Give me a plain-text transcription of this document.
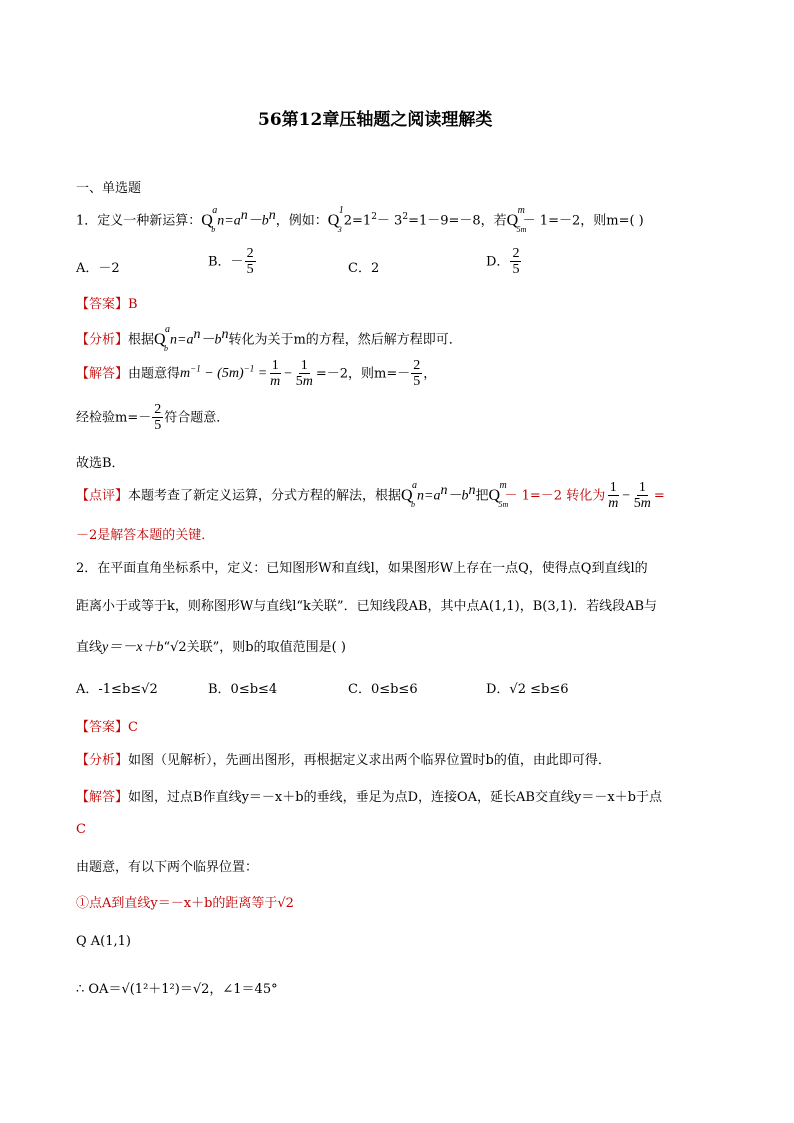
56第12章压轴题之阅读理解类
一、单选题
1．定义一种新运算： Q
a
b
$n=a^n-b^n$，例如： Q
1
3
$2=1^2- 3^2=1-9=-8$，若 Q
m
5m
－ 1=－2，则m=( )
A．－2	B．－ $\frac{2}{5}$	C．2	D． $\frac{2}{5}$
【答案】B
【分析】根据 Q
a
b
$n=a^n-b^n$转化为关于m的方程，然后解方程即可．
【解答】由题意得$m^{-1} - (5m)^{-1} = \frac{1}{m} - \frac{1}{5m} =-2$，则$m=- \frac{2}{5}$ ，
经检验$m=- \frac{2}{5}$ 符合题意．
故选B．
【点评】本题考查了新定义运算，分式方程的解法，根据 Q
a
b
$n=a^n-b^n$把 Q
m
5m
－ 1=－2 转化为 $\frac{1}{m} - \frac{1}{5m}$ =
－2是解答本题的关键．
2．在平面直角坐标系中，定义：已知图形W和直线l，如果图形W上存在一点Q，使得点Q到直线l的
距离小于或等于k，则称图形W与直线l“k关联”．已知线段AB，其中点A(1,1)，B(3,1)．若线段AB与
直线y＝－x＋b“√2关联”，则b的取值范围是( )
A．-1≤b≤√2	B．0≤b≤4	C．0≤b≤6	D．√2 ≤b≤6
【答案】C
【分析】如图（见解析），先画出图形，再根据定义求出两个临界位置时b的值，由此即可得．
【解答】如图，过点B作直线y＝－x＋b的垂线，垂足为点D，连接OA，延长AB交直线y＝－x＋b于点
C
由题意，有以下两个临界位置：
①点A到直线y＝－x＋b的距离等于√2
Q A(1,1)
∴ OA＝√(1²＋1²)＝√2，∠1＝45°
